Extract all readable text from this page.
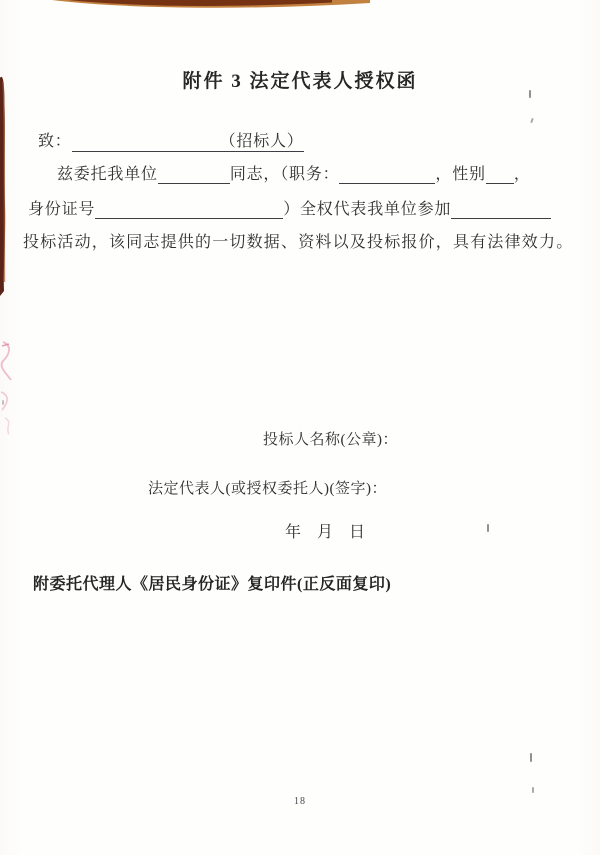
附件 3 法定代表人授权函
致：	（招标人）
兹委托我单位	同志，（职务：	，性别 ，
身份证号	）全权代表我单位参加
投标活动，该同志提供的一切数据、资料以及投标报价，具有法律效力。
投标人名称(公章)：
法定代表人(或授权委托人)(签字)：
年 月 日
附委托代理人《居民身份证》复印件(正反面复印)
18
